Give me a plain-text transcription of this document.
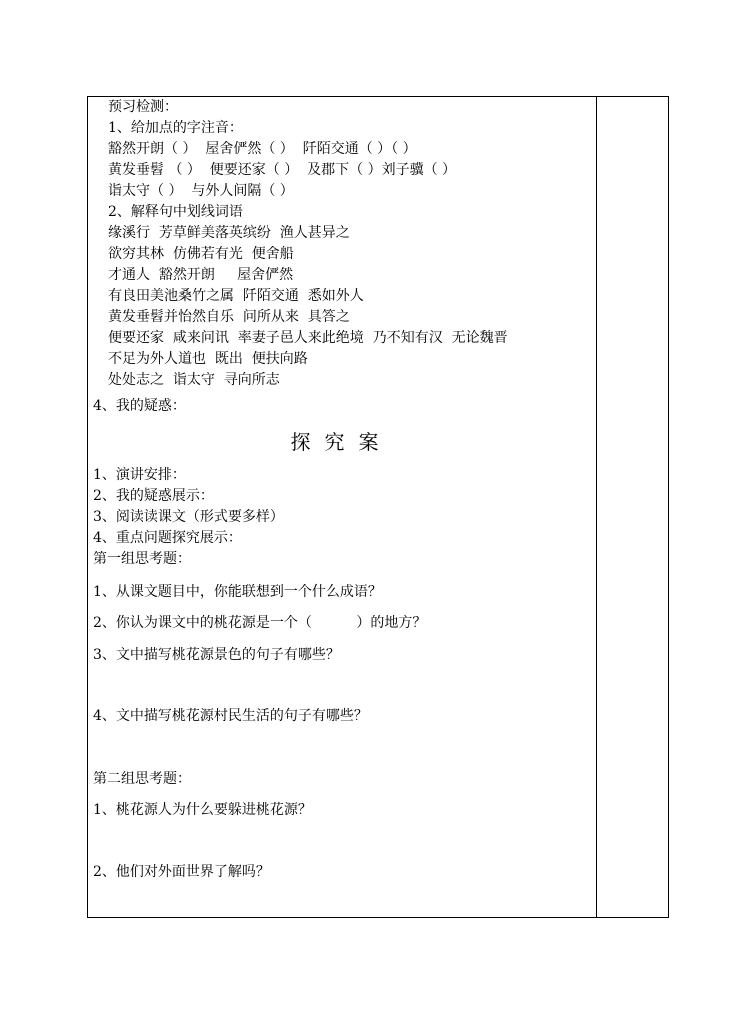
预习检测：
1、给加点的字注音：
豁然开朗（ ）  屋舍俨然（ ）  阡陌交通（ ）（ ）
黄发垂髫 （ ）  便要还家（ ）  及郡下（ ）刘子骥（ ）
诣太守（ ）  与外人间隔（ ）
2、解释句中划线词语
缘溪行  芳草鲜美落英缤纷  渔人甚异之
欲穷其林  仿佛若有光  便舍船
才通人  豁然开朗     屋舍俨然
有良田美池桑竹之属  阡陌交通  悉如外人
黄发垂髫并怡然自乐  问所从来  具答之
便要还家  咸来问讯  率妻子邑人来此绝境  乃不知有汉  无论魏晋
不足为外人道也  既出  便扶向路
处处志之  诣太守  寻向所志
4、我的疑惑：
探究案
1、演讲安排：
2、我的疑惑展示：
3、阅读读课文（形式要多样）
4、重点问题探究展示：
第一组思考题：
1、从课文题目中，你能联想到一个什么成语？
2、你认为课文中的桃花源是一个（          ）的地方？
3、文中描写桃花源景色的句子有哪些？
4、文中描写桃花源村民生活的句子有哪些？
第二组思考题：
1、桃花源人为什么要躲进桃花源？
2、他们对外面世界了解吗？
